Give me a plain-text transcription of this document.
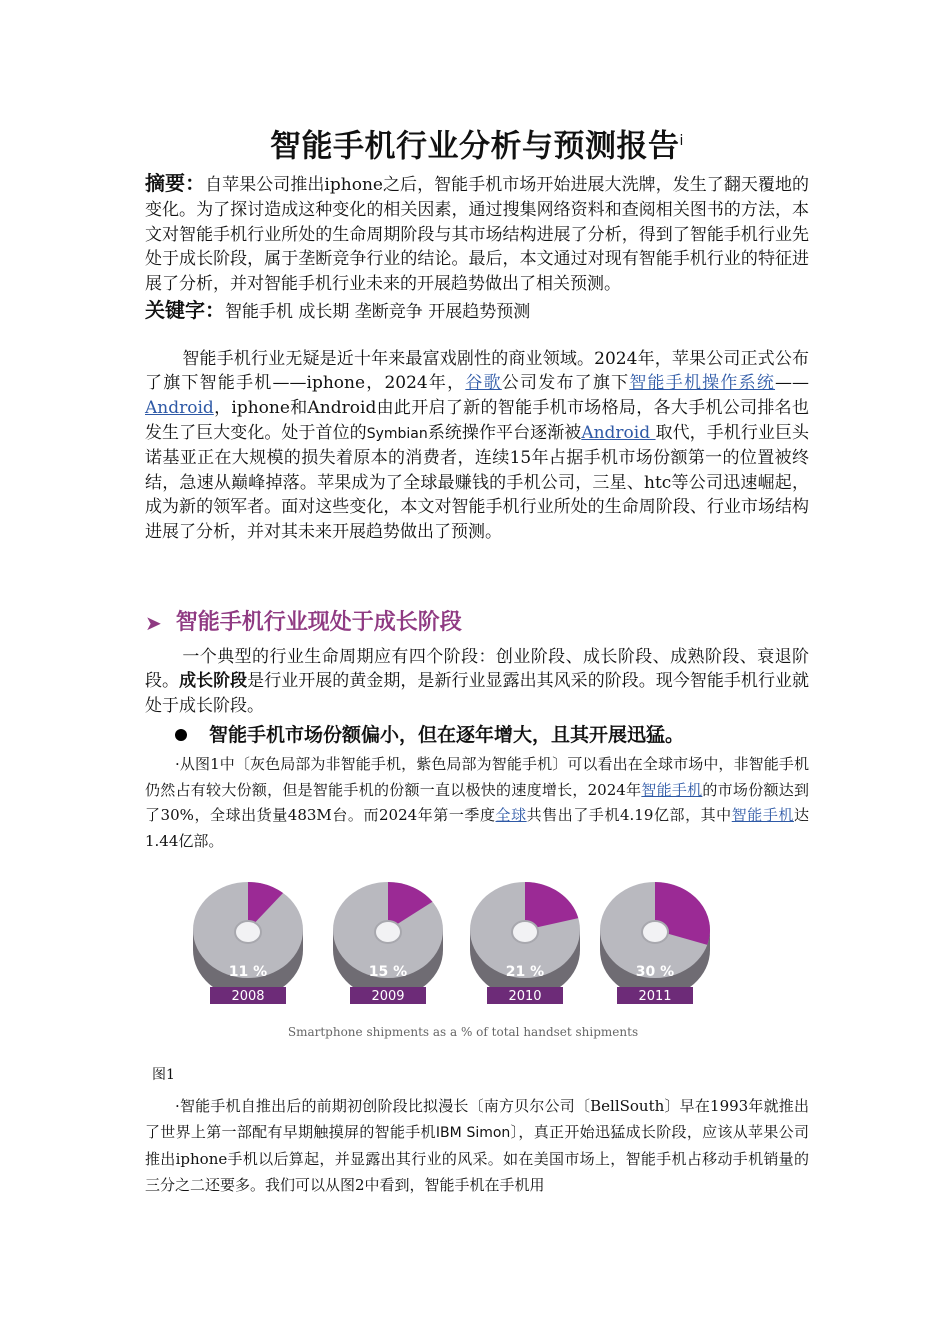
智能手机行业分析与预测报告$^i$

摘要：自苹果公司推出iphone之后，智能手机市场开始进展大洗牌，发生了翻天覆地的变化。为了探讨造成这种变化的相关因素，通过搜集网络资料和查阅相关图书的方法，本文对智能手机行业所处的生命周期阶段与其市场结构进展了分析，得到了智能手机行业先处于成长阶段，属于垄断竞争行业的结论。最后，本文通过对现有智能手机行业的特征进展了分析，并对智能手机行业未来的开展趋势做出了相关预测。

关键字：智能手机 成长期 垄断竞争 开展趋势预测

智能手机行业无疑是近十年来最富戏剧性的商业领域。2024年，苹果公司正式公布了旗下智能手机——iphone，2024年，谷歌公司发布了旗下智能手机操作系统——Android，iphone和Android由此开启了新的智能手机市场格局，各大手机公司排名也发生了巨大变化。处于首位的Symbian系统操作平台逐渐被Android 取代，手机行业巨头诺基亚正在大规模的损失着原本的消费者，连续15年占据手机市场份额第一的位置被终结，急速从巅峰掉落。苹果成为了全球最赚钱的手机公司，三星、htc等公司迅速崛起，成为新的领军者。面对这些变化，本文对智能手机行业所处的生命周阶段、行业市场结构进展了分析，并对其未来开展趋势做出了预测。

➤ 智能手机行业现处于成长阶段

一个典型的行业生命周期应有四个阶段：创业阶段、成长阶段、成熟阶段、衰退阶段。成长阶段是行业开展的黄金期，是新行业显露出其风采的阶段。现今智能手机行业就处于成长阶段。

智能手机市场份额偏小，但在逐年增大，且其开展迅猛。

·从图1中〔灰色局部为非智能手机，紫色局部为智能手机〕可以看出在全球市场中，非智能手机仍然占有较大份额，但是智能手机的份额一直以极快的速度增长，2024年智能手机的市场份额达到了30%，全球出货量483M台。而2024年第一季度全球共售出了手机4.19亿部，其中智能手机达1.44亿部。

11 %
2008
15 %
2009
21 %
2010
30 %
2011
Smartphone shipments as a % of total handset shipments
图1

·智能手机自推出后的前期初创阶段比拟漫长〔南方贝尔公司〔BellSouth〕早在1993年就推出了世界上第一部配有早期触摸屏的智能手机IBM Simon〕，真正开始迅猛成长阶段，应该从苹果公司推出iphone手机以后算起，并显露出其行业的风采。如在美国市场上，智能手机占移动手机销量的三分之二还要多。我们可以从图2中看到，智能手机在手机用
